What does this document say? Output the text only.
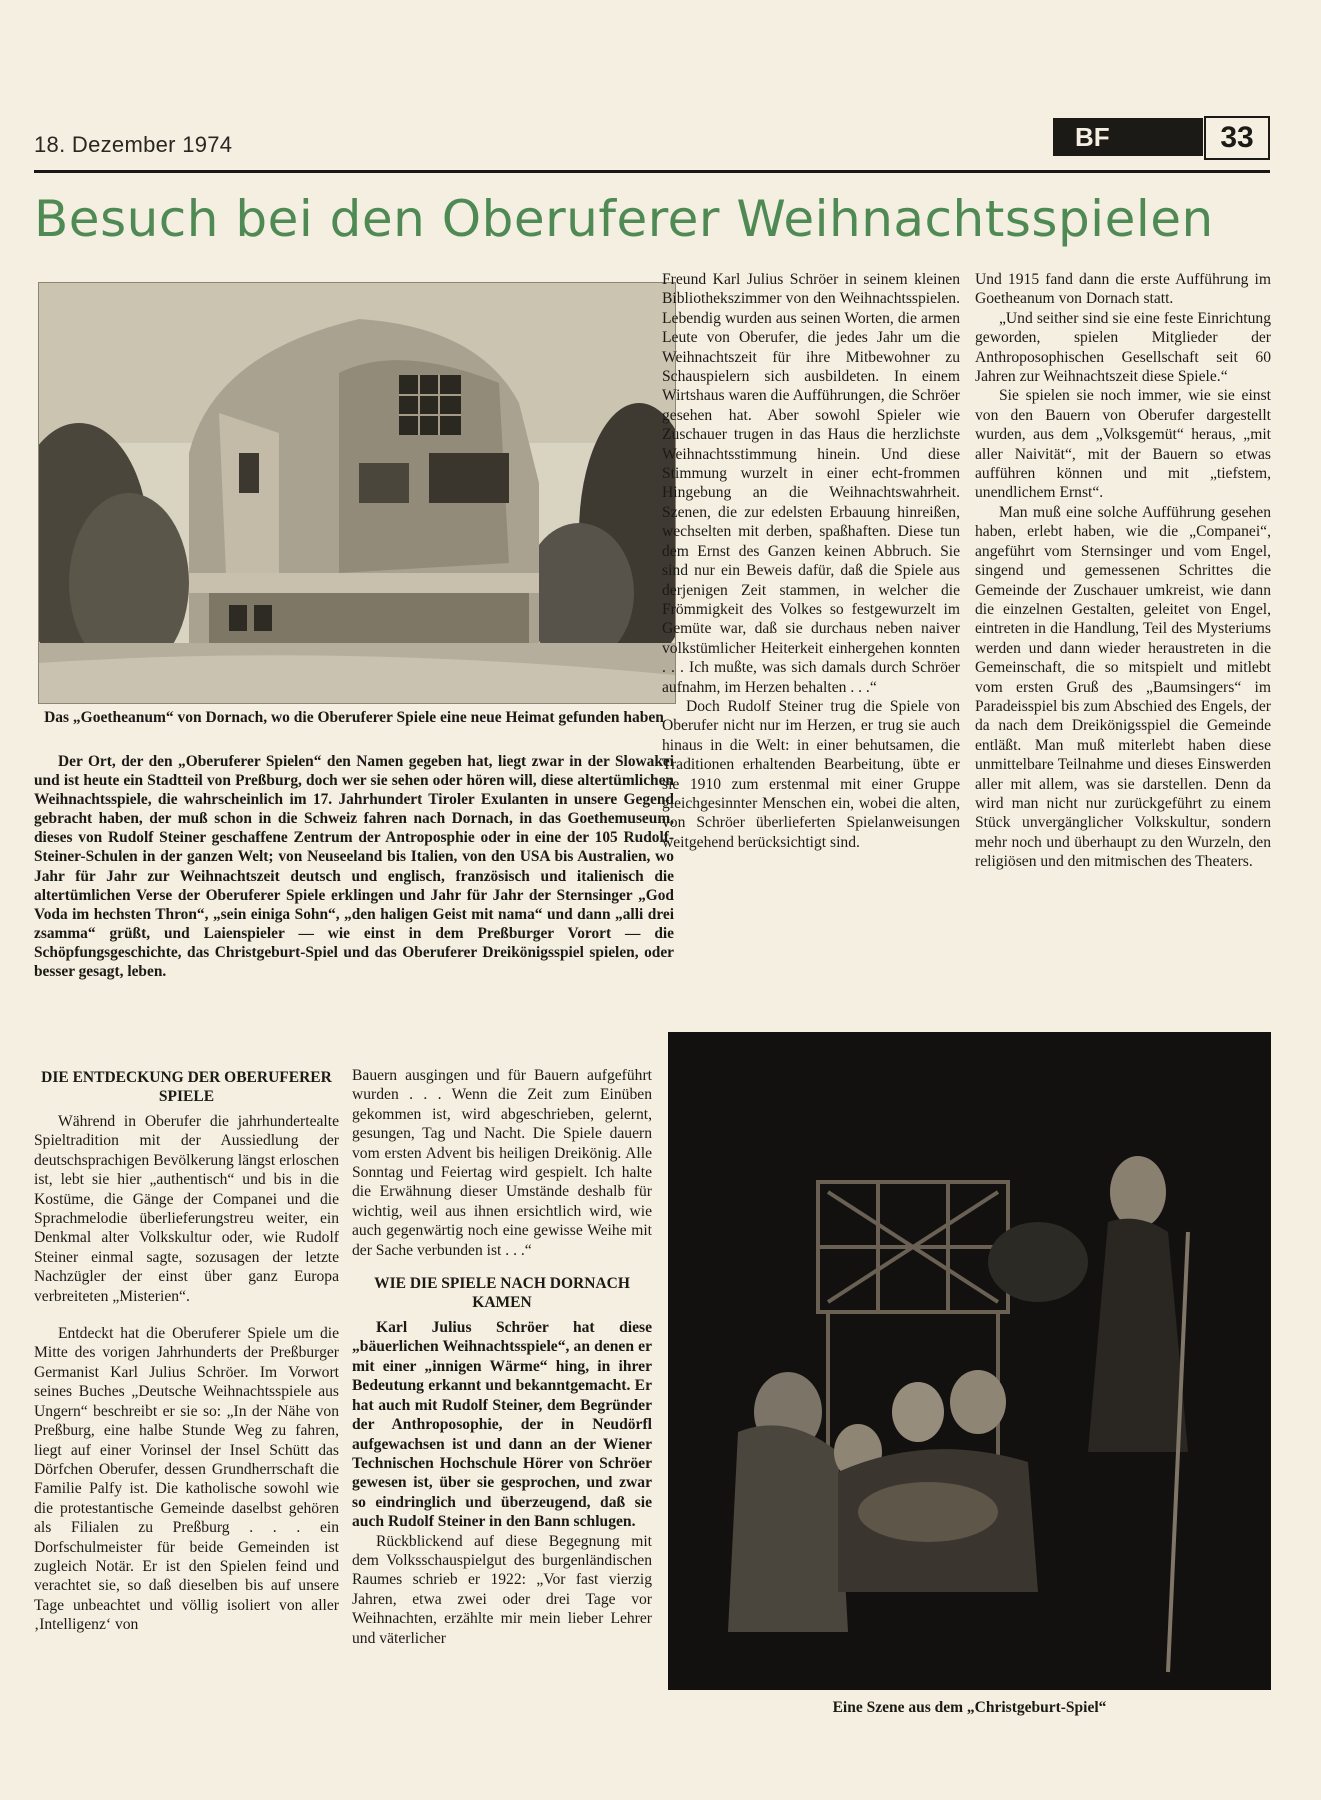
18. Dezember 1974	BF	33
Besuch bei den Oberuferer Weihnachtsspielen
Das „Goetheanum“ von Dornach, wo die Oberuferer Spiele eine neue Heimat gefunden haben

Der Ort, der den „Oberuferer Spielen“ den Namen gegeben hat, liegt zwar in der Slowakei und ist heute ein Stadtteil von Preßburg, doch wer sie sehen oder hören will, diese altertümlichen Weihnachtsspiele, die wahrscheinlich im 17. Jahrhundert Tiroler Exulanten in unsere Gegend gebracht haben, der muß schon in die Schweiz fahren nach Dornach, in das Goethemuseum, dieses von Rudolf Steiner geschaffene Zentrum der Antroposphie oder in eine der 105 Rudolf-Steiner-Schulen in der ganzen Welt; von Neuseeland bis Italien, von den USA bis Australien, wo Jahr für Jahr zur Weihnachtszeit deutsch und englisch, französisch und italienisch die altertümlichen Verse der Oberuferer Spiele erklingen und Jahr für Jahr der Sternsinger „God Voda im hechsten Thron“, „sein einiga Sohn“, „den haligen Geist mit nama“ und dann „alli drei zsamma“ grüßt, und Laienspieler — wie einst in dem Preßburger Vorort — die Schöpfungsgeschichte, das Christgeburt-Spiel und das Oberuferer Dreikönigsspiel spielen, oder besser gesagt, leben.

DIE ENTDECKUNG DER OBERUFERER SPIELE

Während in Oberufer die jahrhundertealte Spieltradition mit der Aussiedlung der deutschsprachigen Bevölkerung längst erloschen ist, lebt sie hier „authentisch“ und bis in die Kostüme, die Gänge der Companei und die Sprachmelodie überlieferungstreu weiter, ein Denkmal alter Volkskultur oder, wie Rudolf Steiner einmal sagte, sozusagen der letzte Nachzügler der einst über ganz Europa verbreiteten „Misterien“.

Entdeckt hat die Oberuferer Spiele um die Mitte des vorigen Jahrhunderts der Preßburger Germanist Karl Julius Schröer. Im Vorwort seines Buches „Deutsche Weihnachtsspiele aus Ungern“ beschreibt er sie so: „In der Nähe von Preßburg, eine halbe Stunde Weg zu fahren, liegt auf einer Vorinsel der Insel Schütt das Dörfchen Oberufer, dessen Grundherrschaft die Familie Palfy ist. Die katholische sowohl wie die protestantische Gemeinde daselbst gehören als Filialen zu Preßburg . . . ein Dorfschulmeister für beide Gemeinden ist zugleich Notär. Er ist den Spielen feind und verachtet sie, so daß dieselben bis auf unsere Tage unbeachtet und völlig isoliert von aller ‚Intelligenz‘ von

Bauern ausgingen und für Bauern aufgeführt wurden . . . Wenn die Zeit zum Einüben gekommen ist, wird abgeschrieben, gelernt, gesungen, Tag und Nacht. Die Spiele dauern vom ersten Advent bis heiligen Dreikönig. Alle Sonntag und Feiertag wird gespielt. Ich halte die Erwähnung dieser Umstände deshalb für wichtig, weil aus ihnen ersichtlich wird, wie auch gegenwärtig noch eine gewisse Weihe mit der Sache verbunden ist . . .“

WIE DIE SPIELE NACH DORNACH KAMEN

Karl Julius Schröer hat diese „bäuerlichen Weihnachtsspiele“, an denen er mit einer „innigen Wärme“ hing, in ihrer Bedeutung erkannt und bekanntgemacht. Er hat auch mit Rudolf Steiner, dem Begründer der Anthroposophie, der in Neudörfl aufgewachsen ist und dann an der Wiener Technischen Hochschule Hörer von Schröer gewesen ist, über sie gesprochen, und zwar so eindringlich und überzeugend, daß sie auch Rudolf Steiner in den Bann schlugen.

Rückblickend auf diese Begegnung mit dem Volksschauspielgut des burgenländischen Raumes schrieb er 1922: „Vor fast vierzig Jahren, etwa zwei oder drei Tage vor Weihnachten, erzählte mir mein lieber Lehrer und väterlicher

Freund Karl Julius Schröer in seinem kleinen Bibliothekszimmer von den Weihnachtsspielen. Lebendig wurden aus seinen Worten, die armen Leute von Oberufer, die jedes Jahr um die Weihnachtszeit für ihre Mitbewohner zu Schauspielern sich ausbildeten. In einem Wirtshaus waren die Aufführungen, die Schröer gesehen hat. Aber sowohl Spieler wie Zuschauer trugen in das Haus die herzlichste Weihnachtsstimmung hinein. Und diese Stimmung wurzelt in einer echt-frommen Hingebung an die Weihnachtswahrheit. Szenen, die zur edelsten Erbauung hinreißen, wechselten mit derben, spaßhaften. Diese tun dem Ernst des Ganzen keinen Abbruch. Sie sind nur ein Beweis dafür, daß die Spiele aus derjenigen Zeit stammen, in welcher die Frömmigkeit des Volkes so festgewurzelt im Gemüte war, daß sie durchaus neben naiver volkstümlicher Heiterkeit einhergehen konnten . . . Ich mußte, was sich damals durch Schröer aufnahm, im Herzen behalten . . .“

Doch Rudolf Steiner trug die Spiele von Oberufer nicht nur im Herzen, er trug sie auch hinaus in die Welt: in einer behutsamen, die Traditionen erhaltenden Bearbeitung, übte er sie 1910 zum erstenmal mit einer Gruppe gleichgesinnter Menschen ein, wobei die alten, von Schröer überlieferten Spielanweisungen weitgehend berücksichtigt sind.

Und 1915 fand dann die erste Aufführung im Goetheanum von Dornach statt.

„Und seither sind sie eine feste Einrichtung geworden, spielen Mitglieder der Anthroposophischen Gesellschaft seit 60 Jahren zur Weihnachtszeit diese Spiele.“

Sie spielen sie noch immer, wie sie einst von den Bauern von Oberufer dargestellt wurden, aus dem „Volksgemüt“ heraus, „mit aller Naivität“, mit der Bauern so etwas aufführen können und mit „tiefstem, unendlichem Ernst“.

Man muß eine solche Aufführung gesehen haben, erlebt haben, wie die „Companei“, angeführt vom Sternsinger und vom Engel, singend und gemessenen Schrittes die Gemeinde der Zuschauer umkreist, wie dann die einzelnen Gestalten, geleitet von Engel, eintreten in die Handlung, Teil des Mysteriums werden und dann wieder heraustreten in die Gemeinschaft, die so mitspielt und mitlebt vom ersten Gruß des „Baumsingers“ im Paradeisspiel bis zum Abschied des Engels, der da nach dem Dreikönigsspiel die Gemeinde entläßt. Man muß miterlebt haben diese unmittelbare Teilnahme und dieses Einswerden aller mit allem, was sie darstellen. Denn da wird man nicht nur zurückgeführt zu einem Stück unvergänglicher Volkskultur, sondern mehr noch und überhaupt zu den Wurzeln, den religiösen und den mitmischen des Theaters.

Eine Szene aus dem „Christgeburt-Spiel“
